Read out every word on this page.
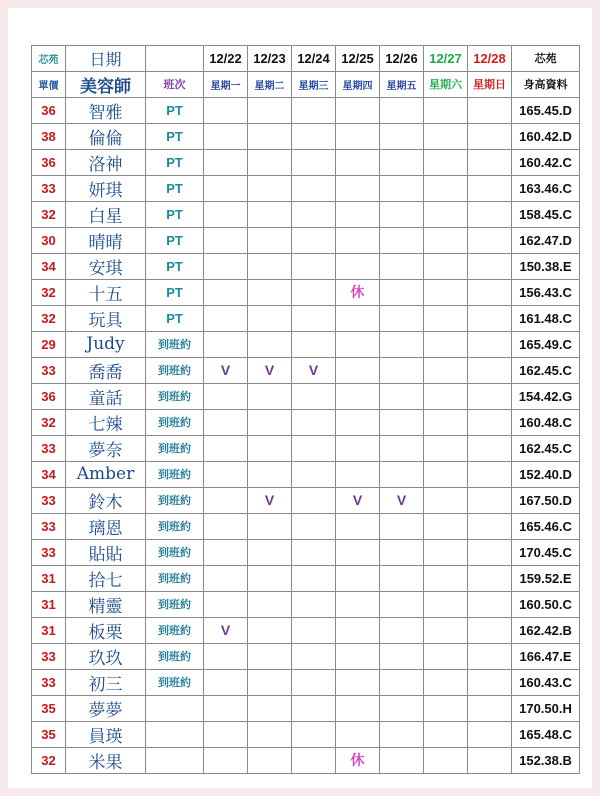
芯苑	日期		12/22	12/23	12/24	12/25	12/26	12/27	12/28	芯苑
單價	美容師	班次	星期一	星期二	星期三	星期四	星期五	星期六	星期日	身高資料
36	智雅	PT								165.45.D
38	倫倫	PT								160.42.D
36	洛神	PT								160.42.C
33	妍琪	PT								163.46.C
32	白星	PT								158.45.C
30	晴晴	PT								162.47.D
34	安琪	PT								150.38.E
32	十五	PT				休				156.43.C
32	玩具	PT								161.48.C
29	Judy	到班約								165.49.C
33	喬喬	到班約	V	V	V					162.45.C
36	童話	到班約								154.42.G
32	七辣	到班約								160.48.C
33	夢奈	到班約								162.45.C
34	Amber	到班約								152.40.D
33	鈴木	到班約		V		V	V			167.50.D
33	璃恩	到班約								165.46.C
33	貼貼	到班約								170.45.C
31	拾七	到班約								159.52.E
31	精靈	到班約								160.50.C
31	板栗	到班約	V							162.42.B
33	玖玖	到班約								166.47.E
33	初三	到班約								160.43.C
35	夢夢									170.50.H
35	員瑛									165.48.C
32	米果					休				152.38.B
